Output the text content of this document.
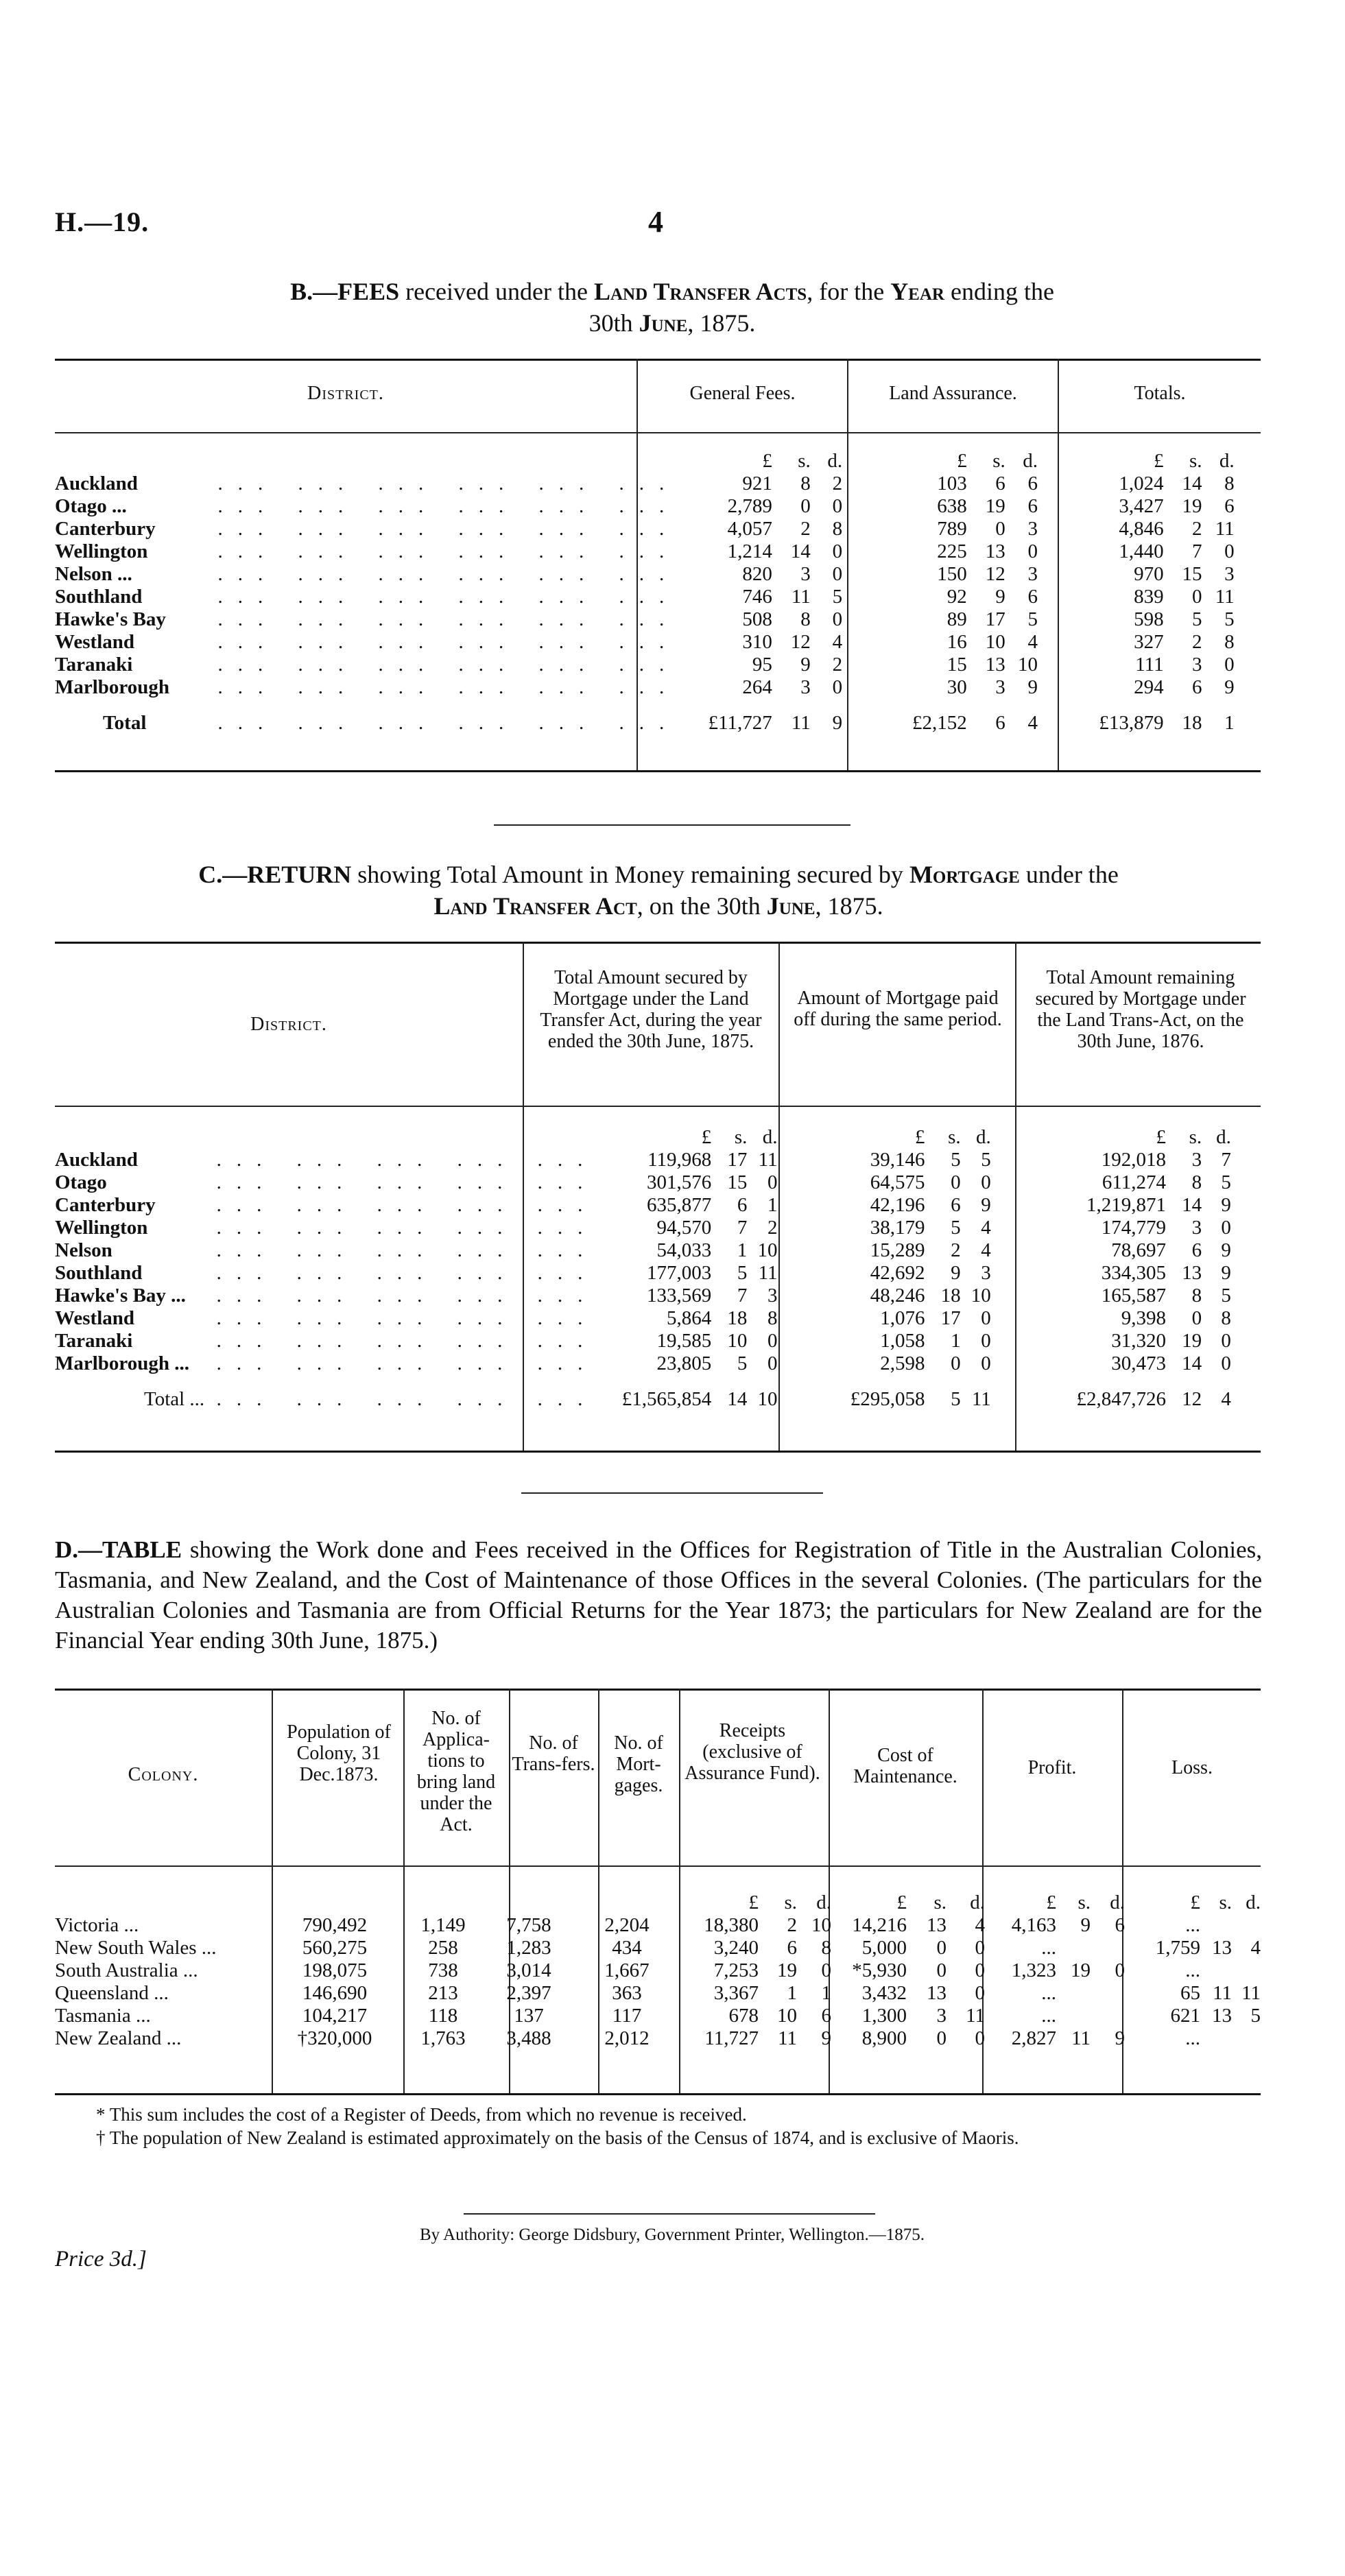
H.—19.	4
B.—FEES received under the Land Transfer Acts, for the Year ending the
30th June, 1875.
District.	General Fees.	Land Assurance.	Totals.
		£	s.	d.		£	s.	d.		£	s.	d.
Auckland	... ... ... ... ... ...	921	8	2		103	6	6		1,024	14	8
Otago ...	... ... ... ... ... ...	2,789	0	0		638	19	6		3,427	19	6
Canterbury	... ... ... ... ... ...	4,057	2	8		789	0	3		4,846	2	11
Wellington	... ... ... ... ... ...	1,214	14	0		225	13	0		1,440	7	0
Nelson ...	... ... ... ... ... ...	820	3	0		150	12	3		970	15	3
Southland	... ... ... ... ... ...	746	11	5		92	9	6		839	0	11
Hawke's Bay	... ... ... ... ... ...	508	8	0		89	17	5		598	5	5
Westland	... ... ... ... ... ...	310	12	4		16	10	4		327	2	8
Taranaki	... ... ... ... ... ...	95	9	2		15	13	10		111	3	0
Marlborough	... ... ... ... ... ...	264	3	0		30	3	9		294	6	9
Total	... ... ... ... ... ...	£11,727	11	9		£2,152	6	4		£13,879	18	1
C.—RETURN showing Total Amount in Money remaining secured by Mortgage under the
Land Transfer Act, on the 30th June, 1875.
District.
Total Amount secured by Mortgage under the Land Transfer Act, during the year ended the 30th June, 1875.
Amount of Mortgage paid off during the same period.
Total Amount remaining secured by Mortgage under the Land Trans-Act, on the 30th June, 1876.
		£	s.	d.		£	s.	d.		£	s.	d.
Auckland	... ... ... ... ...	119,968	17	11		39,146	5	5		192,018	3	7
Otago	... ... ... ... ...	301,576	15	0		64,575	0	0		611,274	8	5
Canterbury	... ... ... ... ...	635,877	6	1		42,196	6	9		1,219,871	14	9
Wellington	... ... ... ... ...	94,570	7	2		38,179	5	4		174,779	3	0
Nelson	... ... ... ... ...	54,033	1	10		15,289	2	4		78,697	6	9
Southland	... ... ... ... ...	177,003	5	11		42,692	9	3		334,305	13	9
Hawke's Bay ...	... ... ... ... ...	133,569	7	3		48,246	18	10		165,587	8	5
Westland	... ... ... ... ...	5,864	18	8		1,076	17	0		9,398	0	8
Taranaki	... ... ... ... ...	19,585	10	0		1,058	1	0		31,320	19	0
Marlborough ...	... ... ... ... ...	23,805	5	0		2,598	0	0		30,473	14	0
Total ...	... ... ... ... ...	£1,565,854	14	10		£295,058	5	11		£2,847,726	12	4
D.—TABLE showing the Work done and Fees received in the Offices for Registration of Title in the Australian Colonies, Tasmania, and New Zealand, and the Cost of Maintenance of those Offices in the several Colonies. (The particulars for the Australian Colonies and Tasmania are from Official Returns for the Year 1873; the particulars for New Zealand are for the Financial Year ending 30th June, 1875.)
Colony.
Population of Colony, 31 Dec.1873.
No. of Applica-tions to bring land under the Act.
No. of Trans-fers.
No. of Mort-gages.
Receipts (exclusive of Assurance Fund).
Cost of Maintenance.	Profit.	Loss.
					£	s.	d.	£	s.	d.	£	s.	d.	£	s.	d.
Victoria ...	790,492	1,149	7,758	2,204	18,380	2	10	14,216	13	4	4,163	9	6	...		
New South Wales ...	560,275	258	1,283	434	3,240	6	8	5,000	0	0	...			1,759	13	4
South Australia ...	198,075	738	3,014	1,667	7,253	19	0	*5,930	0	0	1,323	19	0	...		
Queensland ...	146,690	213	2,397	363	3,367	1	1	3,432	13	0	...			65	11	11
Tasmania ...	104,217	118	137	117	678	10	6	1,300	3	11	...			621	13	5
New Zealand ...	†320,000	1,763	3,488	2,012	11,727	11	9	8,900	0	0	2,827	11	9	...		
* This sum includes the cost of a Register of Deeds, from which no revenue is received.
† The population of New Zealand is estimated approximately on the basis of the Census of 1874, and is exclusive of Maoris.
Price 3d.]
By Authority: George Didsbury, Government Printer, Wellington.—1875.
